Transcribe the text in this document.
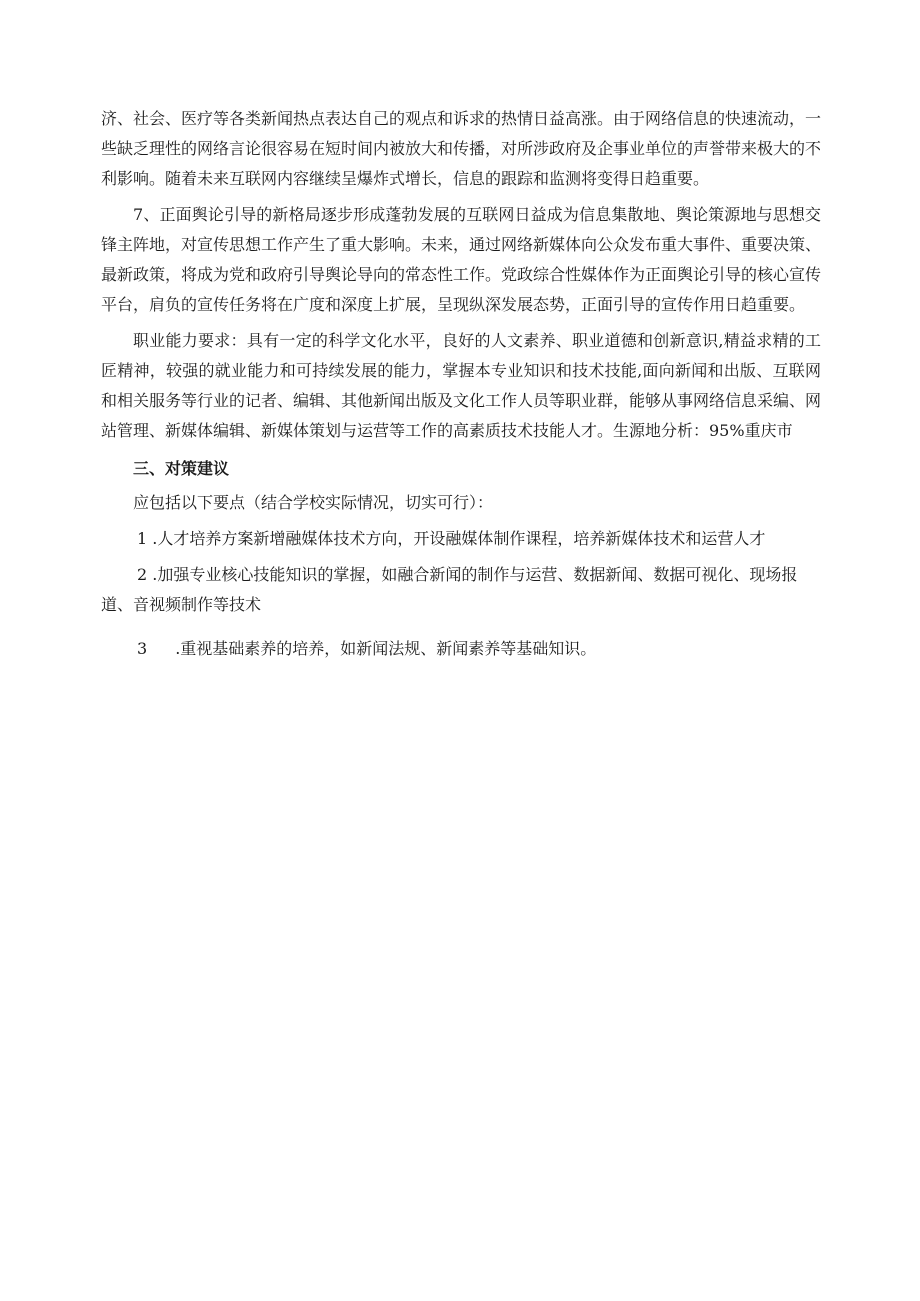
济、社会、医疗等各类新闻热点表达自己的观点和诉求的热情日益高涨。由于网络信息的快速流动，一些缺乏理性的网络言论很容易在短时间内被放大和传播，对所涉政府及企事业单位的声誉带来极大的不利影响。随着未来互联网内容继续呈爆炸式增长，信息的跟踪和监测将变得日趋重要。

7、正面舆论引导的新格局逐步形成蓬勃发展的互联网日益成为信息集散地、舆论策源地与思想交锋主阵地，对宣传思想工作产生了重大影响。未来，通过网络新媒体向公众发布重大事件、重要决策、最新政策，将成为党和政府引导舆论导向的常态性工作。党政综合性媒体作为正面舆论引导的核心宣传平台，肩负的宣传任务将在广度和深度上扩展，呈现纵深发展态势，正面引导的宣传作用日趋重要。

职业能力要求：具有一定的科学文化水平，良好的人文素养、职业道德和创新意识,精益求精的工匠精神，较强的就业能力和可持续发展的能力，掌握本专业知识和技术技能,面向新闻和出版、互联网和相关服务等行业的记者、编辑、其他新闻出版及文化工作人员等职业群，能够从事网络信息采编、网站管理、新媒体编辑、新媒体策划与运营等工作的高素质技术技能人才。生源地分析：95%重庆市

三、对策建议

应包括以下要点（结合学校实际情况，切实可行）：

1 .人才培养方案新增融媒体技术方向，开设融媒体制作课程，培养新媒体技术和运营人才

2 .加强专业核心技能知识的掌握，如融合新闻的制作与运营、数据新闻、数据可视化、现场报道、音视频制作等技术

3 .重视基础素养的培养，如新闻法规、新闻素养等基础知识。
